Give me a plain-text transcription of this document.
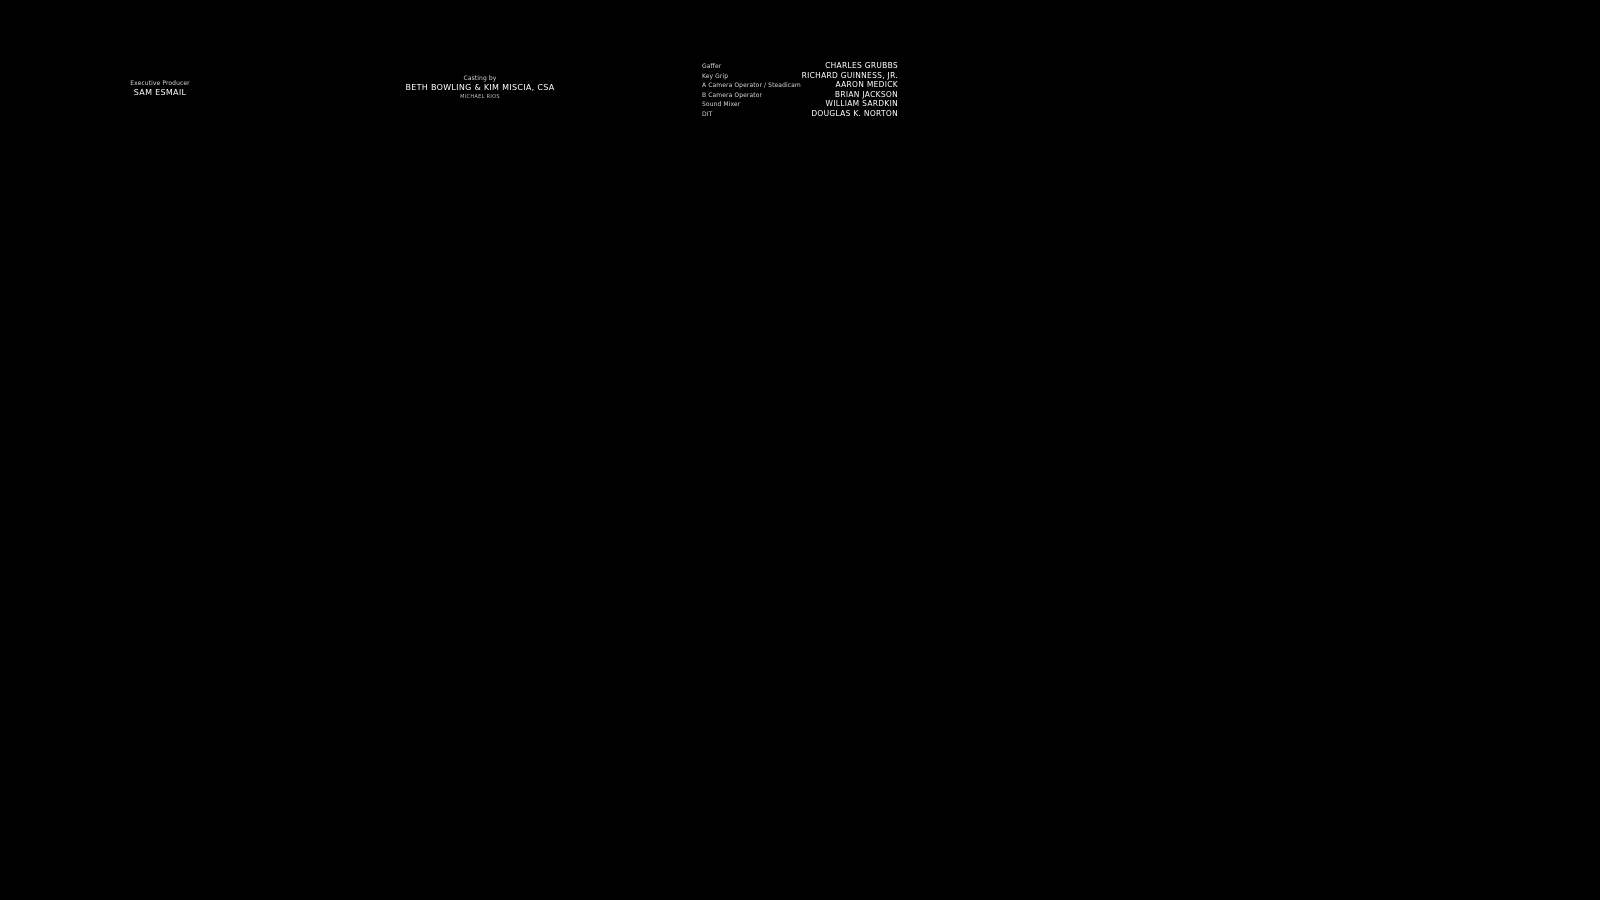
Executive Producer
SAM ESMAIL
Casting by
BETH BOWLING & KIM MISCIA, CSA
MICHAEL RIOS
Gaffer	CHARLES GRUBBS
Key Grip	RICHARD GUINNESS, JR.
A Camera Operator / Steadicam	AARON MEDICK
B Camera Operator	BRIAN JACKSON
Sound Mixer	WILLIAM SARDKIN
DIT	DOUGLAS K. NORTON
